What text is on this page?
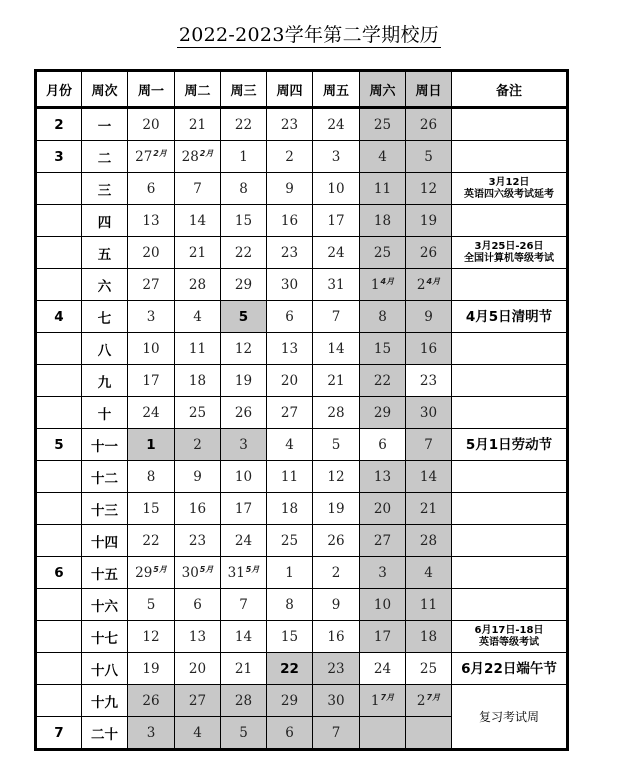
2022-2023学年第二学期校历
月份	周次	周一	周二	周三	周四	周五	周六	周日	备注
2	一	20	21	22	23	24	25	26	
3	二	$27^{2月}$	$28^{2月}$	1	2	3	4	5	
	三	6	7	8	9	10	11	12	3月12日
英语四六级考试延考

	四	13	14	15	16	17	18	19	
	五	20	21	22	23	24	25	26	3月25日-26日
全国计算机等级考试

	六	27	28	29	30	31	$1^{4月}$	$2^{4月}$	
4	七	3	4	5	6	7	8	9	4月5日清明节

	八	10	11	12	13	14	15	16	
	九	17	18	19	20	21	22	23	
	十	24	25	26	27	28	29	30	
5	十一	1	2	3	4	5	6	7	5月1日劳动节

	十二	8	9	10	11	12	13	14	
	十三	15	16	17	18	19	20	21	
	十四	22	23	24	25	26	27	28	
6	十五	$29^{5月}$	$30^{5月}$	$31^{5月}$	1	2	3	4	
	十六	5	6	7	8	9	10	11	
	十七	12	13	14	15	16	17	18	6月17日-18日
英语等级考试

	十八	19	20	21	22	23	24	25	6月22日端午节

	十九	26	27	28	29	30	$1^{7月}$	$2^{7月}$	复习考试周

7	二十	3	4	5	6	7			
